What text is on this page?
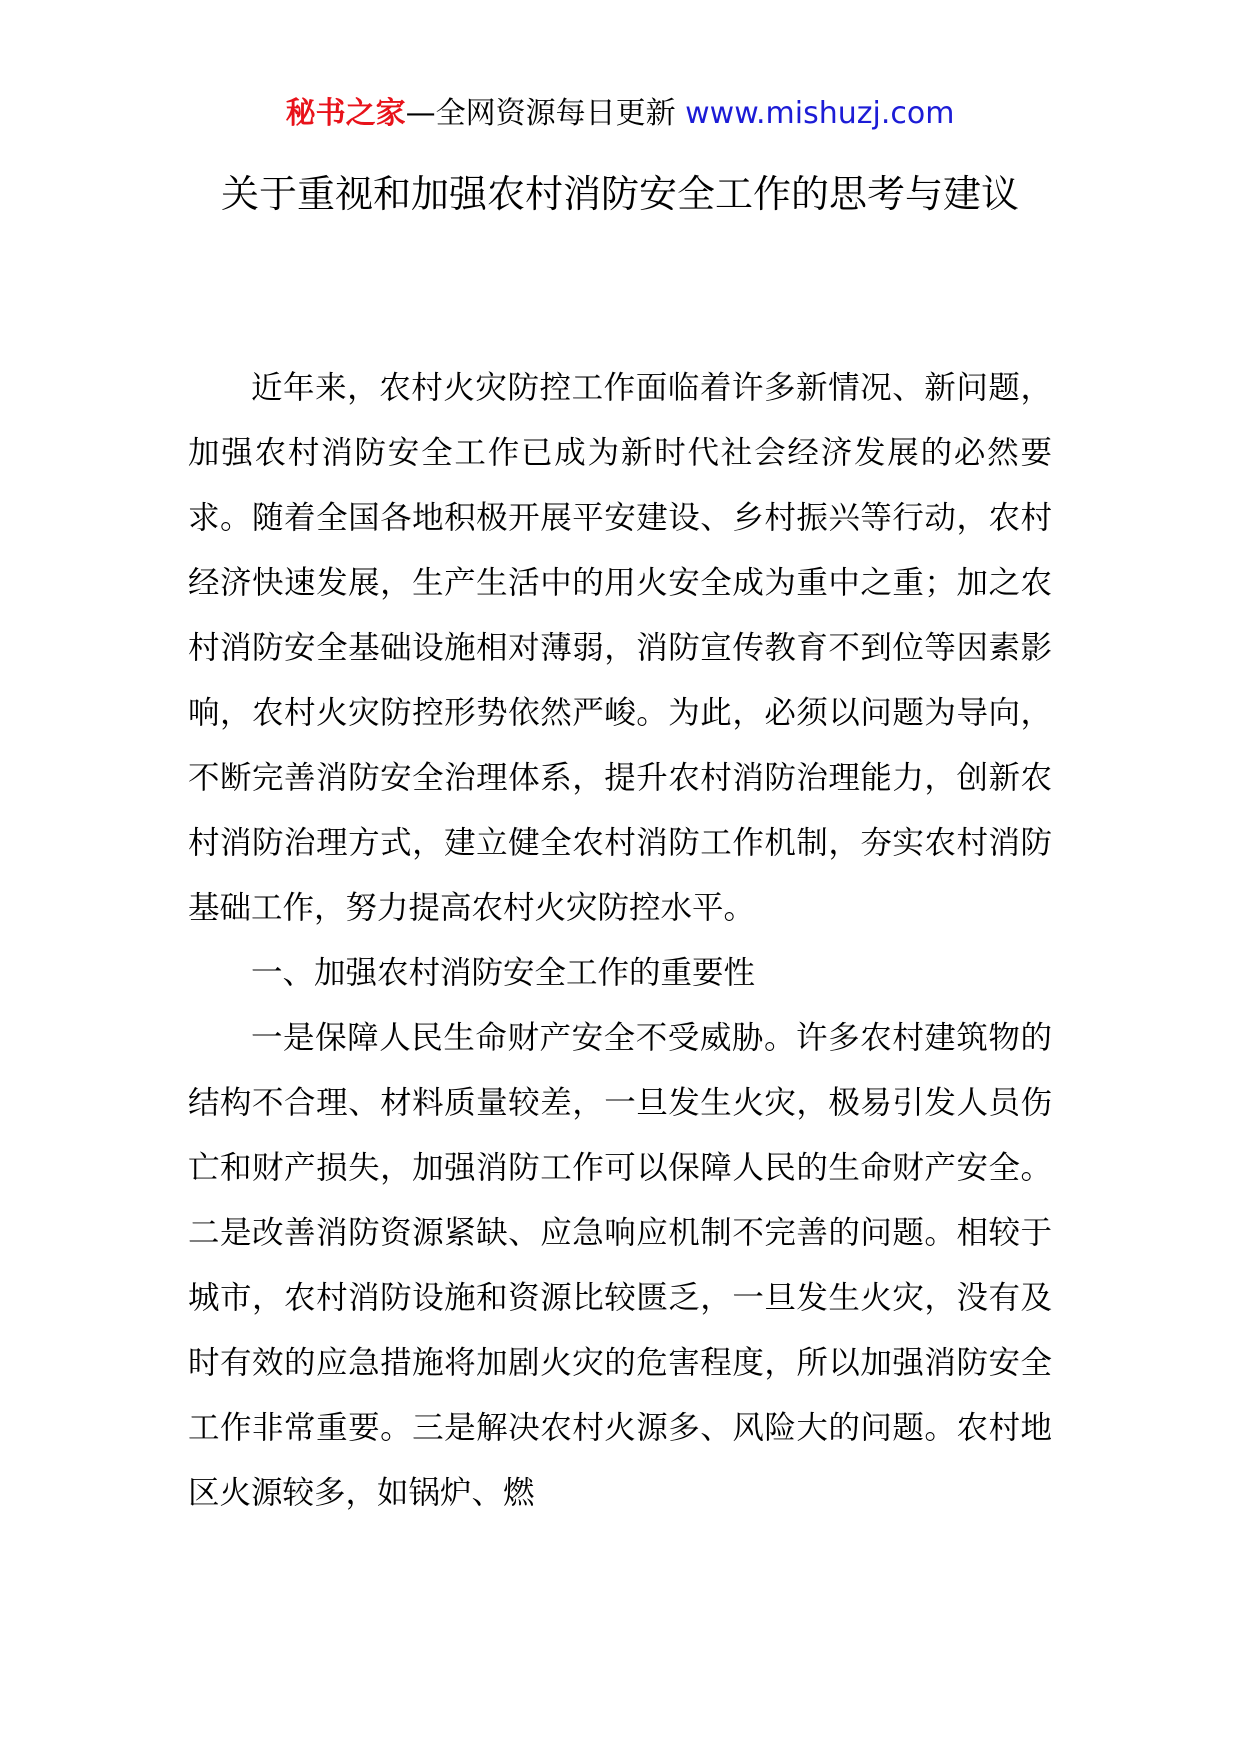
秘书之家—全网资源每日更新 www.mishuzj.com
关于重视和加强农村消防安全工作的思考与建议

近年来，农村火灾防控工作面临着许多新情况、新问题，加强农村消防安全工作已成为新时代社会经济发展的必然要求。随着全国各地积极开展平安建设、乡村振兴等行动，农村经济快速发展，生产生活中的用火安全成为重中之重；加之农村消防安全基础设施相对薄弱，消防宣传教育不到位等因素影响，农村火灾防控形势依然严峻。为此，必须以问题为导向，不断完善消防安全治理体系，提升农村消防治理能力，创新农村消防治理方式，建立健全农村消防工作机制，夯实农村消防基础工作，努力提高农村火灾防控水平。

一、加强农村消防安全工作的重要性

一是保障人民生命财产安全不受威胁。许多农村建筑物的结构不合理、材料质量较差，一旦发生火灾，极易引发人员伤亡和财产损失，加强消防工作可以保障人民的生命财产安全。二是改善消防资源紧缺、应急响应机制不完善的问题。相较于城市，农村消防设施和资源比较匮乏，一旦发生火灾，没有及时有效的应急措施将加剧火灾的危害程度，所以加强消防安全工作非常重要。三是解决农村火源多、风险大的问题。农村地区火源较多，如锅炉、燃
